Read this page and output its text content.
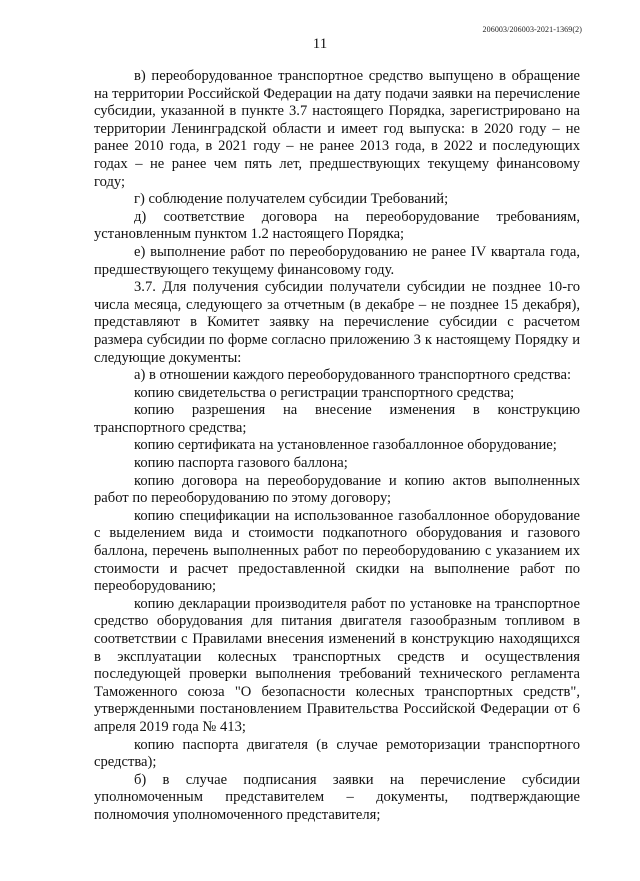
206003/206003-2021-1369(2)
11

в) переоборудованное транспортное средство выпущено в обращение на территории Российской Федерации на дату подачи заявки на перечисление субсидии, указанной в пункте 3.7 настоящего Порядка, зарегистрировано на территории Ленинградской области и имеет год выпуска: в 2020 году – не ранее 2010 года, в 2021 году – не ранее 2013 года, в 2022 и последующих годах – не ранее чем пять лет, предшествующих текущему финансовому году;

г) соблюдение получателем субсидии Требований;

д) соответствие договора на переоборудование требованиям, установленным пунктом 1.2 настоящего Порядка;

е) выполнение работ по переоборудованию не ранее IV квартала года, предшествующего текущему финансовому году.

3.7. Для получения субсидии получатели субсидии не позднее 10-го числа месяца, следующего за отчетным (в декабре – не позднее 15 декабря), представляют в Комитет заявку на перечисление субсидии с расчетом размера субсидии по форме согласно приложению 3 к настоящему Порядку и следующие документы:

а) в отношении каждого переоборудованного транспортного средства:

копию свидетельства о регистрации транспортного средства;

копию разрешения на внесение изменения в конструкцию транспортного средства;

копию сертификата на установленное газобаллонное оборудование;

копию паспорта газового баллона;

копию договора на переоборудование и копию актов выполненных работ по переоборудованию по этому договору;

копию спецификации на использованное газобаллонное оборудование с выделением вида и стоимости подкапотного оборудования и газового баллона, перечень выполненных работ по переоборудованию с указанием их стоимости и расчет предоставленной скидки на выполнение работ по переоборудованию;

копию декларации производителя работ по установке на транспортное средство оборудования для питания двигателя газообразным топливом в соответствии с Правилами внесения изменений в конструкцию находящихся в эксплуатации колесных транспортных средств и осуществления последующей проверки выполнения требований технического регламента Таможенного союза "О безопасности колесных транспортных средств", утвержденными постановлением Правительства Российской Федерации от 6 апреля 2019 года № 413;

копию паспорта двигателя (в случае ремоторизации транспортного средства);

б) в случае подписания заявки на перечисление субсидии уполномоченным представителем – документы, подтверждающие полномочия уполномоченного представителя;
